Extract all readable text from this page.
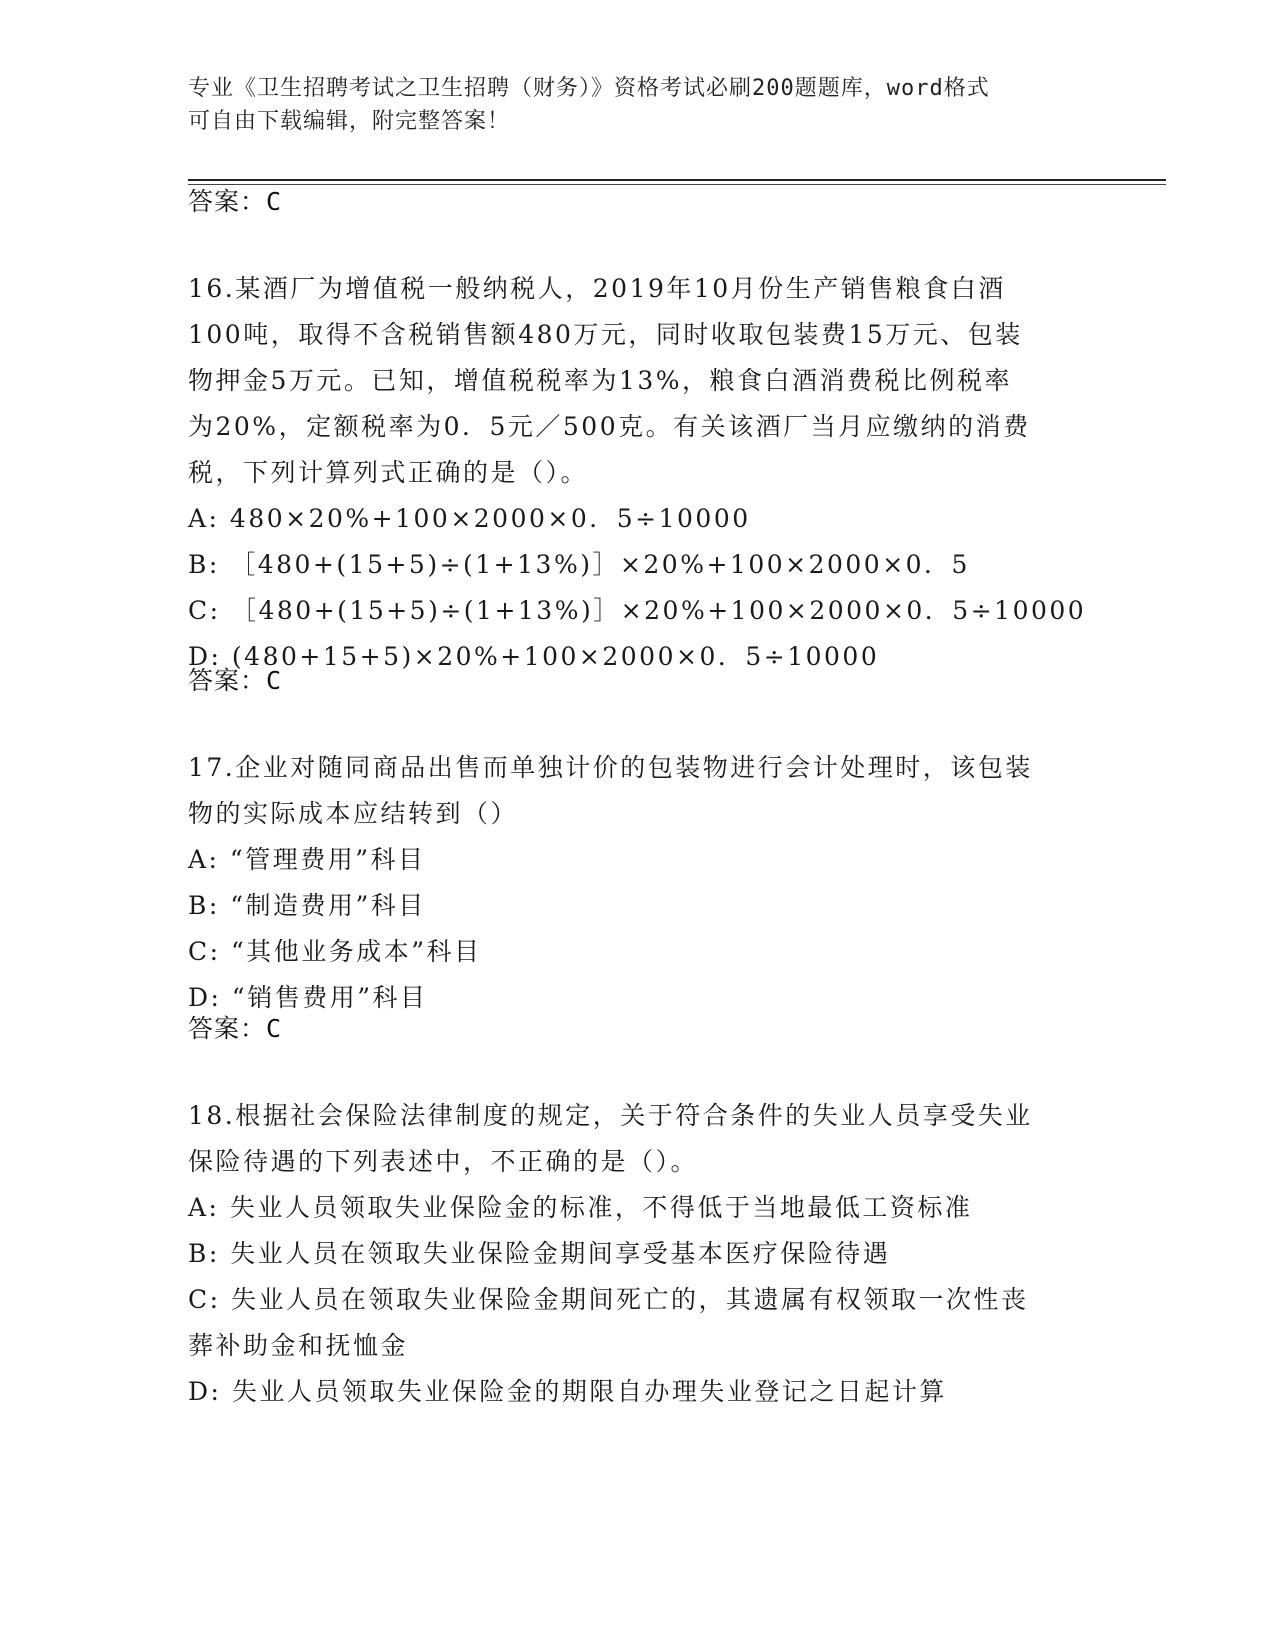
专业《卫生招聘考试之卫生招聘（财务）》资格考试必刷200题题库，word格式
可自由下载编辑，附完整答案！
答案：C
16.某酒厂为增值税一般纳税人，2019年10月份生产销售粮食白酒
100吨，取得不含税销售额480万元，同时收取包装费15万元、包装
物押金5万元。已知，增值税税率为13%，粮食白酒消费税比例税率
为20%，定额税率为0．5元／500克。有关该酒厂当月应缴纳的消费
税，下列计算列式正确的是（）。
A: 480×20%+100×2000×0．5÷10000
B: ［480+(15+5)÷(1+13%)］×20%+100×2000×0．5
C: ［480+(15+5)÷(1+13%)］×20%+100×2000×0．5÷10000
D: (480+15+5)×20%+100×2000×0．5÷10000
答案：C
17.企业对随同商品出售而单独计价的包装物进行会计处理时，该包装
物的实际成本应结转到（）
A: “管理费用”科目
B: “制造费用”科目
C: “其他业务成本”科目
D: “销售费用”科目
答案：C
18.根据社会保险法律制度的规定，关于符合条件的失业人员享受失业
保险待遇的下列表述中，不正确的是（）。
A: 失业人员领取失业保险金的标准，不得低于当地最低工资标准
B: 失业人员在领取失业保险金期间享受基本医疗保险待遇
C: 失业人员在领取失业保险金期间死亡的，其遗属有权领取一次性丧
葬补助金和抚恤金
D: 失业人员领取失业保险金的期限自办理失业登记之日起计算
